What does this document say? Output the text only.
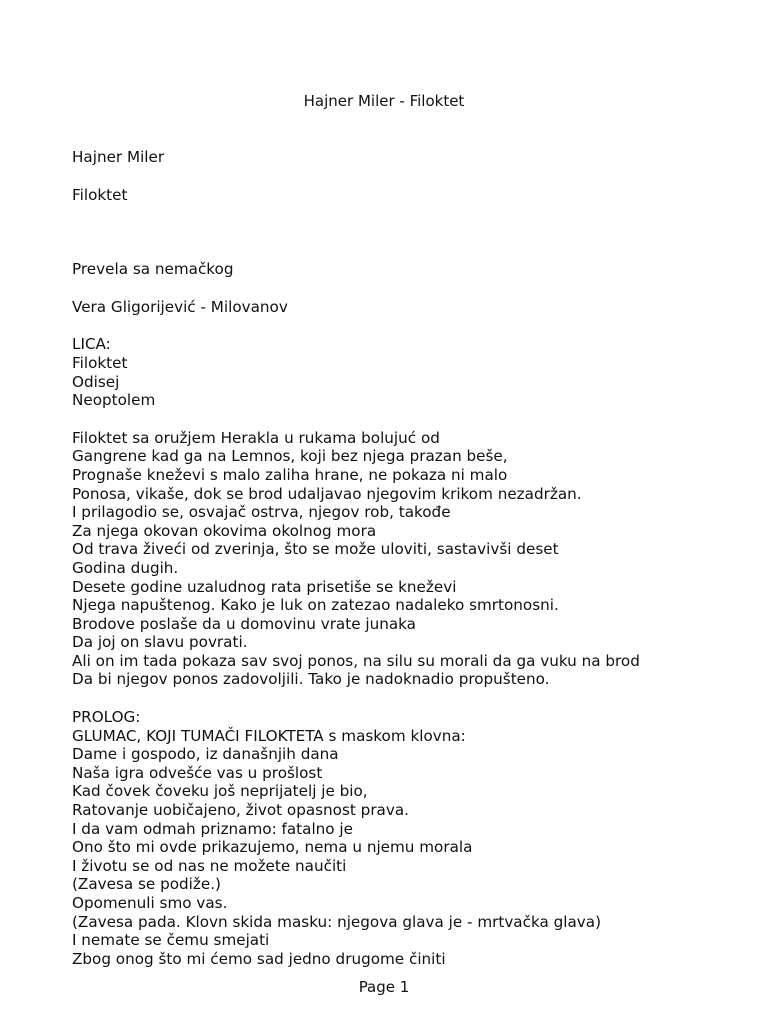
Hajner Miler - Filoktet
Hajner Miler
Filoktet
Prevela sa nemačkog
Vera Gligorijević - Milovanov
LICA:
Filoktet
Odisej
Neoptolem
Filoktet sa oružjem Herakla u rukama bolujuć od
Gangrene kad ga na Lemnos, koji bez njega prazan beše,
Prognaše kneževi s malo zaliha hrane, ne pokaza ni malo
Ponosa, vikaše, dok se brod udaljavao njegovim krikom nezadržan.
I prilagodio se, osvajač ostrva, njegov rob, takođe
Za njega okovan okovima okolnog mora
Od trava živeći od zverinja, što se može uloviti, sastavivši deset
Godina dugih.
Desete godine uzaludnog rata prisetiše se kneževi
Njega napuštenog. Kako je luk on zatezao nadaleko smrtonosni.
Brodove poslaše da u domovinu vrate junaka
Da joj on slavu povrati.
Ali on im tada pokaza sav svoj ponos, na silu su morali da ga vuku na brod
Da bi njegov ponos zadovoljili. Tako je nadoknadio propušteno.
PROLOG:
GLUMAC, KOJI TUMAČI FILOKTETA s maskom klovna:
Dame i gospodo, iz današnjih dana
Naša igra odvešće vas u prošlost
Kad čovek čoveku još neprijatelj je bio,
Ratovanje uobičajeno, život opasnost prava.
I da vam odmah priznamo: fatalno je
Ono što mi ovde prikazujemo, nema u njemu morala
I životu se od nas ne možete naučiti
(Zavesa se podiže.)
Opomenuli smo vas.
(Zavesa pada. Klovn skida masku: njegova glava je - mrtvačka glava)
I nemate se čemu smejati
Zbog onog što mi ćemo sad jedno drugome činiti
Page 1
